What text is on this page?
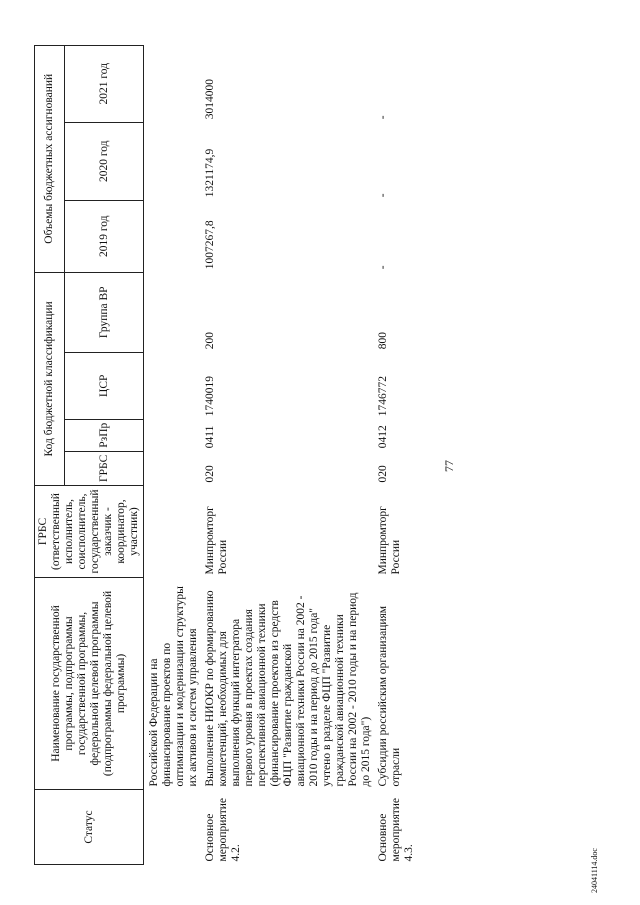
77
Статус	Наименование государственной программы, подпрограммы государственной программы, федеральной целевой программы (подпрограммы федеральной целевой программы)	ГРБС (ответственный исполнитель, соисполнитель, государственный заказчик - координатор, участник)	Код бюджетной классификации				Объемы бюджетных ассигнований		
			ГРБС	РзПр	ЦСР	Группа ВР	2019 год	2020 год	2021 год
	Российской Федерации на финансирование проектов по оптимизации и модернизации структуры их активов и систем управления								
Основное мероприятие 4.2.	Выполнение НИОКР по формированию компетенций, необходимых для выполнения функций интегратора первого уровня в проектах создания перспективной авиационной техники (финансирование проектов из средств ФЦП "Развитие гражданской авиационной техники России на 2002 - 2010 годы и на период до 2015 года" учтено в разделе ФЦП "Развитие гражданской авиационной техники России на 2002 - 2010 годы и на период до 2015 года")	Минпромторг России	020	0411	1740019	200	1007267,8	1321174,9	3014000
Основное мероприятие 4.3.	Субсидии российским организациям отрасли	Минпромторг России	020	0412	1746772	800	-	-	-
24041114.doc
